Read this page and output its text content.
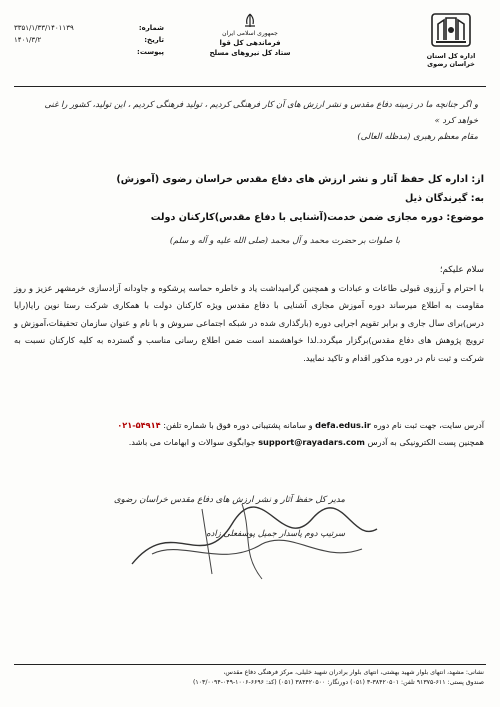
اداره کل استان خراسان رضوی
جمهوری اسلامی ایران
فرماندهی کل قوا
ستاد کل نیروهای مسلح
شماره:
۳۳۵۱/۱/۳۳/۱۴۰۱۱۳۹
تاریخ:
۱۴۰۱/۳/۲
پیوست:
و اگر جنانچه ما در زمینه دفاع مقدس و نشر ارزش های آن کار فرهنگی کردیم ، تولید فرهنگی کردیم ، این تولید، کشور را غنی خواهد کرد »
مقام معظم رهبری (مدظله العالی)
از: اداره کل حفظ آثار و نشر ارزش های دفاع مقدس خراسان رضوی (آموزش)
به: گیرندگان ذیل
موضوع: دوره مجازی ضمن خدمت(آشنایی با دفاع مقدس)کارکنان دولت
با صلوات بر حضرت محمد و آل محمد (صلی الله علیه و آله و سلم)
سلام علیکم؛
با احترام و آرزوی قبولی طاعات و عبادات و همچنین گرامیداشت یاد و خاطره حماسه پرشکوه و جاودانه آزادسازی خرمشهر عزیز و روز مقاومت به اطلاع میرساند دوره آموزش مجازی آشنایی با دفاع مقدس ویژه کارکنان دولت با همکاری شرکت رستا نوین رایا(رایا درس)برای سال جاری و برابر تقویم اجرایی دوره (بارگذاری شده در شبکه اجتماعی سروش و با نام و عنوان سازمان تحقیقات،آموزش و ترویج پژوهش های دفاع مقدس)برگزار میگردد.لذا خواهشمند است ضمن اطلاع رسانی مناسب و گسترده به کلیه کارکنان نسبت به شرکت و ثبت نام در دوره مذکور اقدام و تاکید نمایید.
آدرس سایت، جهت ثبت نام دوره defa.edus.ir و سامانه پشتیبانی دوره فوق با شماره تلفن: ۰۲۱-۵۴۹۱۴
همچنین پست الکترونیکی به آدرس support@rayadars.com جوابگوی سوالات و ابهامات می باشد.
مدیر کل حفظ آثار و نشر ارزش های دفاع مقدس خراسان رضوی
سرتیپ دوم پاسدار جمیل پوسفعلی زاده
نشانی: مشهد، انتهای بلوار شهید بهشتی، انتهای بلوار برادران شهید خلیلی، مرکز فرهنگی دفاع مقدس،
صندوق پستی: ۶۱۱-۹۱۳۷۵ تلفن: ۳۸۴۲۰۵۰۱-۳ (۰۵۱) دورنگار: ۳۸۴۴۲۰۵۰۰ (۰۵۱) (کد: ۶۶۹۶-۱۰۰۶-۰۴۹-۱۰۳/۰۰۹۴)
